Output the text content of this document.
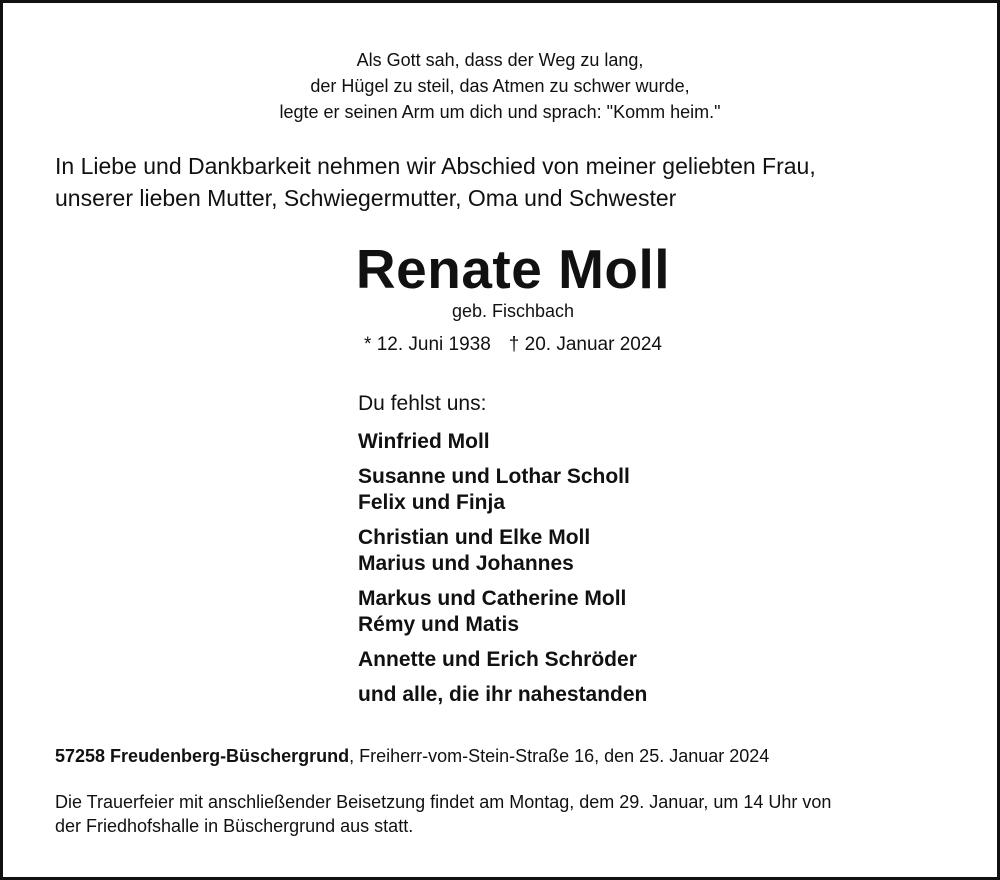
Als Gott sah, dass der Weg zu lang,
der Hügel zu steil, das Atmen zu schwer wurde,
legte er seinen Arm um dich und sprach: "Komm heim."
In Liebe und Dankbarkeit nehmen wir Abschied von meiner geliebten Frau,
unserer lieben Mutter, Schwiegermutter, Oma und Schwester
Renate Moll
geb. Fischbach
* 12. Juni 1938 † 20. Januar 2024
Du fehlst uns:
Winfried Moll
Susanne und Lothar Scholl
Felix und Finja
Christian und Elke Moll
Marius und Johannes
Markus und Catherine Moll
Rémy und Matis
Annette und Erich Schröder
und alle, die ihr nahestanden
57258 Freudenberg-Büschergrund, Freiherr-vom-Stein-Straße 16, den 25. Januar 2024
Die Trauerfeier mit anschließender Beisetzung findet am Montag, dem 29. Januar, um 14 Uhr von
der Friedhofshalle in Büschergrund aus statt.
